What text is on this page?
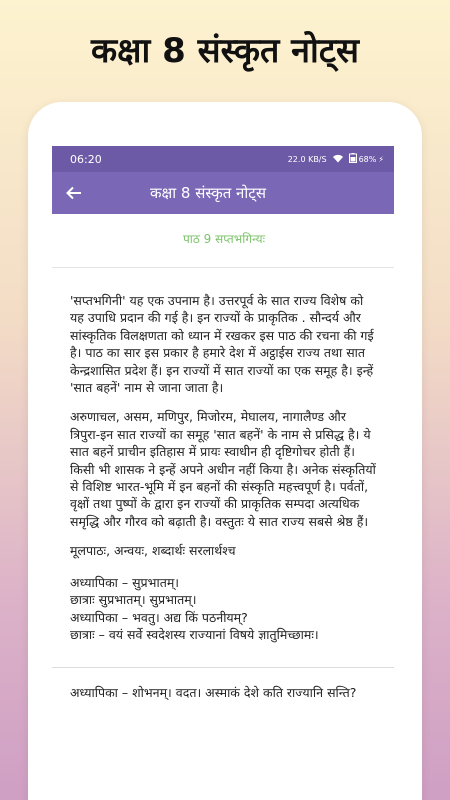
कक्षा 8 संस्कृत नोट्स
06:20	22.0 KB/S	68% ⚡
कक्षा 8 संस्कृत नोट्स
पाठ 9 सप्तभगिन्यः

'सप्तभगिनी' यह एक उपनाम है। उत्तरपूर्व के सात राज्य विशेष को यह उपाधि प्रदान की गई है। इन राज्यों के प्राकृतिक . सौन्दर्य और सांस्कृतिक विलक्षणता को ध्यान में रखकर इस पाठ की रचना की गई है। पाठ का सार इस प्रकार है हमारे देश में अट्ठाईस राज्य तथा सात केन्द्रशासित प्रदेश हैं। इन राज्यों में सात राज्यों का एक समूह है। इन्हें 'सात बहनें' नाम से जाना जाता है।

अरुणाचल, असम, मणिपुर, मिजोरम, मेघालय, नागालैण्ड और त्रिपुरा-इन सात राज्यों का समूह 'सात बहनें' के नाम से प्रसिद्ध है। ये सात बहनें प्राचीन इतिहास में प्रायः स्वाधीन ही दृष्टिगोचर होती हैं। किसी भी शासक ने इन्हें अपने अधीन नहीं किया है। अनेक संस्कृतियों से विशिष्ट भारत-भूमि में इन बहनों की संस्कृति महत्त्वपूर्ण है। पर्वतों, वृक्षों तथा पुष्पों के द्वारा इन राज्यों की प्राकृतिक सम्पदा अत्यधिक समृद्धि और गौरव को बढ़ाती है। वस्तुतः ये सात राज्य सबसे श्रेष्ठ हैं।

मूलपाठः, अन्वयः, शब्दार्थः सरलार्थश्च

अध्यापिका – सुप्रभातम्।
छात्राः सुप्रभातम्। सुप्रभातम्।
अध्यापिका – भवतु। अद्य किं पठनीयम्?
छात्राः – वयं सर्वे स्वदेशस्य राज्यानां विषये ज्ञातुमिच्छामः।
अध्यापिका – शोभनम्। वदत। अस्माकं देशे कति राज्यानि सन्ति?
